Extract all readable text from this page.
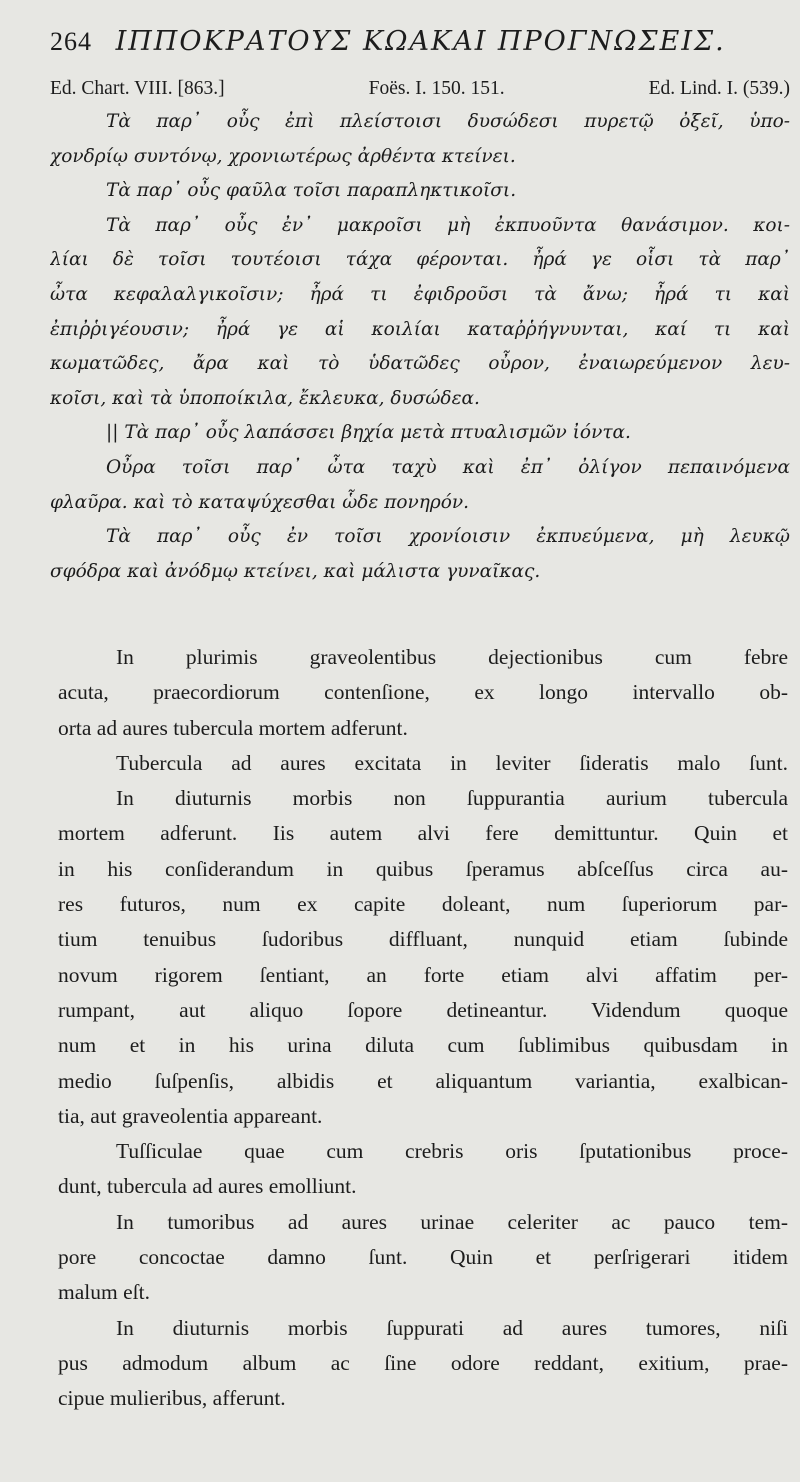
264 ΙΠΠΟΚΡΑΤΟΥΣ ΚΩΑΚΑΙ ΠΡΟΓΝΩΣΕΙΣ.
Ed. Chart. VIII. [863.]	Foës. I. 150. 151.	Ed. Lind. I. (539.)
Τὰ παρ᾿ οὖς ἐπὶ πλείστοισι δυσώδεσι πυρετῷ ὀξεῖ, ὑπο-
χονδρίῳ συντόνῳ, χρονιωτέρως ἀρθέντα κτείνει.
Τὰ παρ᾿ οὖς φαῦλα τοῖσι παραπληκτικοῖσι.
Τὰ παρ᾿ οὖς ἐν᾿ μακροῖσι μὴ ἐκπυοῦντα θανάσιμον. κοι-
λίαι δὲ τοῖσι τουτέοισι τάχα φέρονται. ἦρά γε οἷσι τὰ παρ᾿
ὦτα κεφαλαλγικοῖσιν; ἦρά τι ἐφιδροῦσι τὰ ἄνω; ἦρά τι καὶ
ἐπιῤῥιγέουσιν; ἦρά γε αἱ κοιλίαι καταῤῥήγνυνται, καί τι καὶ
κωματῶδες, ἄρα καὶ τὸ ὑδατῶδες οὖρον, ἐναιωρεύμενον λευ-
κοῖσι, καὶ τὰ ὑποποίκιλα, ἔκλευκα, δυσώδεα.
|| Τὰ παρ᾿ οὖς λαπάσσει βηχία μετὰ πτυαλισμῶν ἰόντα.
Οὖρα τοῖσι παρ᾿ ὦτα ταχὺ καὶ ἐπ᾿ ὀλίγον πεπαινόμενα
φλαῦρα. καὶ τὸ καταψύχεσθαι ὧδε πονηρόν.
Τὰ παρ᾿ οὖς ἐν τοῖσι χρονίοισιν ἐκπυεύμενα, μὴ λευκῷ
σφόδρα καὶ ἀνόδμῳ κτείνει, καὶ μάλιστα γυναῖκας.
In plurimis graveolentibus dejectionibus cum febre
acuta, praecordiorum contenſione, ex longo intervallo ob-
orta ad aures tubercula mortem adferunt.
Tubercula ad aures excitata in leviter ſideratis malo ſunt.
In diuturnis morbis non ſuppurantia aurium tubercula
mortem adferunt. Iis autem alvi fere demittuntur. Quin et
in his conſiderandum in quibus ſperamus abſceſſus circa au-
res futuros, num ex capite doleant, num ſuperiorum par-
tium tenuibus ſudoribus diffluant, nunquid etiam ſubinde
novum rigorem ſentiant, an forte etiam alvi affatim per-
rumpant, aut aliquo ſopore detineantur. Videndum quoque
num et in his urina diluta cum ſublimibus quibusdam in
medio ſuſpenſis, albidis et aliquantum variantia, exalbican-
tia, aut graveolentia appareant.
Tuſſiculae quae cum crebris oris ſputationibus proce-
dunt, tubercula ad aures emolliunt.
In tumoribus ad aures urinae celeriter ac pauco tem-
pore concoctae damno ſunt. Quin et perſrigerari itidem
malum eſt.
In diuturnis morbis ſuppurati ad aures tumores, niſi
pus admodum album ac ſine odore reddant, exitium, prae-
cipue mulieribus, afferunt.
